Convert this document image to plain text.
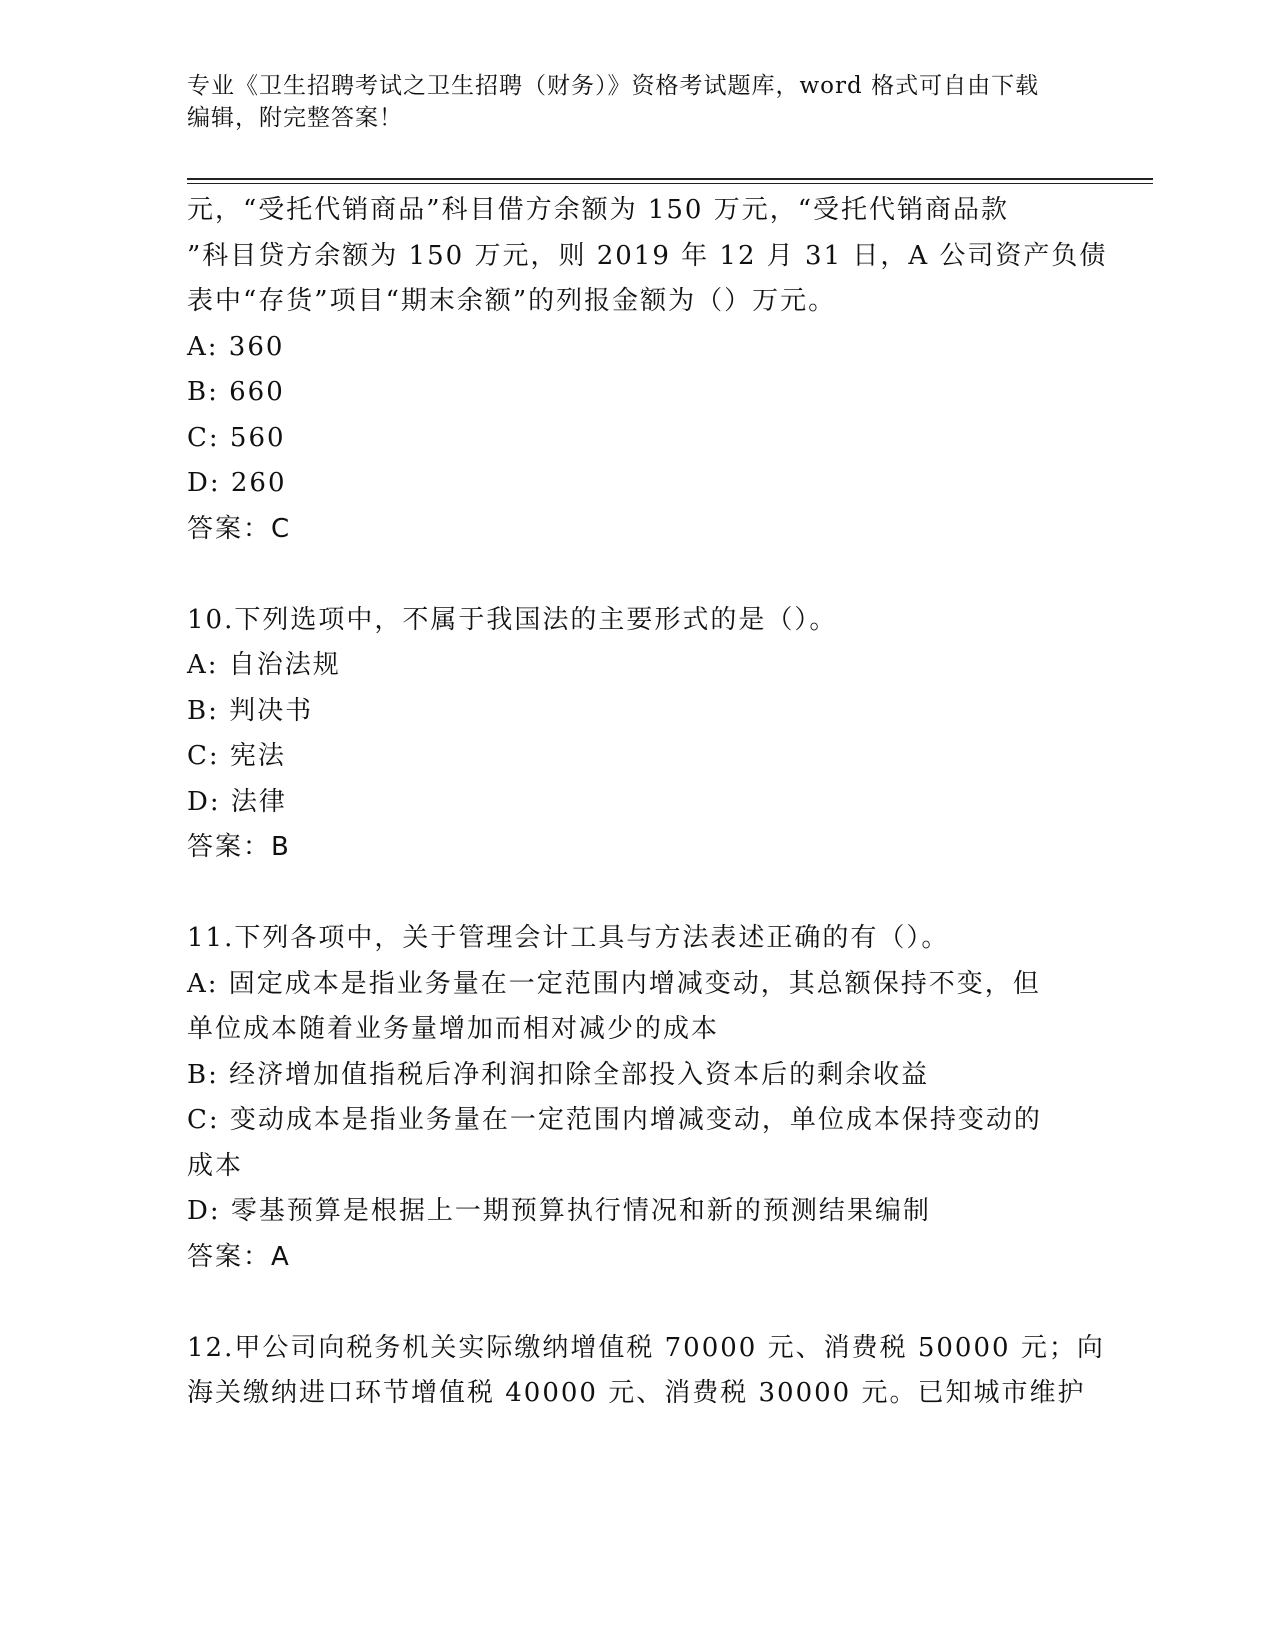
专业《卫生招聘考试之卫生招聘（财务）》资格考试题库，word 格式可自由下载
编辑，附完整答案！
元，“受托代销商品”科目借方余额为 150 万元，“受托代销商品款
”科目贷方余额为 150 万元，则 2019 年 12 月 31 日，A 公司资产负债
表中“存货”项目“期末余额”的列报金额为（）万元。
A: 360
B: 660
C: 560
D: 260
答案：C
10.下列选项中，不属于我国法的主要形式的是（）。
A: 自治法规
B: 判决书
C: 宪法
D: 法律
答案：B
11.下列各项中，关于管理会计工具与方法表述正确的有（）。
A: 固定成本是指业务量在一定范围内增减变动，其总额保持不变，但
单位成本随着业务量增加而相对减少的成本
B: 经济增加值指税后净利润扣除全部投入资本后的剩余收益
C: 变动成本是指业务量在一定范围内增减变动，单位成本保持变动的
成本
D: 零基预算是根据上一期预算执行情况和新的预测结果编制
答案：A
12.甲公司向税务机关实际缴纳增值税 70000 元、消费税 50000 元；向
海关缴纳进口环节增值税 40000 元、消费税 30000 元。已知城市维护
